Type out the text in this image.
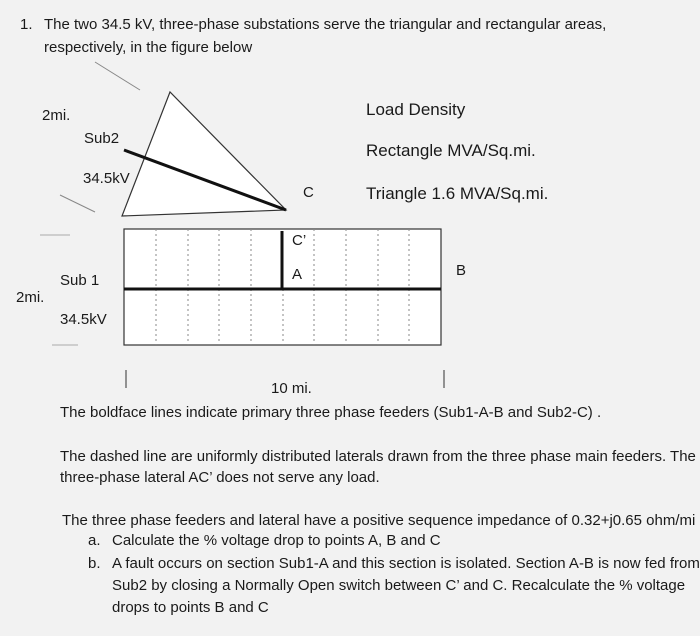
1. The two 34.5 kV, three-phase substations serve the triangular and rectangular areas,
respectively, in the figure below
2mi.
Sub2
34.5kV
C
C’
A	B
Sub 1
2mi.
34.5kV
10 mi.
Load Density
Rectangle MVA/Sq.mi.
Triangle 1.6 MVA/Sq.mi.
The boldface lines indicate primary three phase feeders (Sub1-A-B and Sub2-C) .
The dashed line are uniformly distributed laterals drawn from the three phase main feeders. The
three-phase lateral AC’ does not serve any load.
The three phase feeders and lateral have a positive sequence impedance of 0.32+j0.65 ohm/mi
a. Calculate the % voltage drop to points A, B and C
b. A fault occurs on section Sub1-A and this section is isolated. Section A-B is now fed from
Sub2 by closing a Normally Open switch between C’ and C. Recalculate the % voltage
drops to points B and C
